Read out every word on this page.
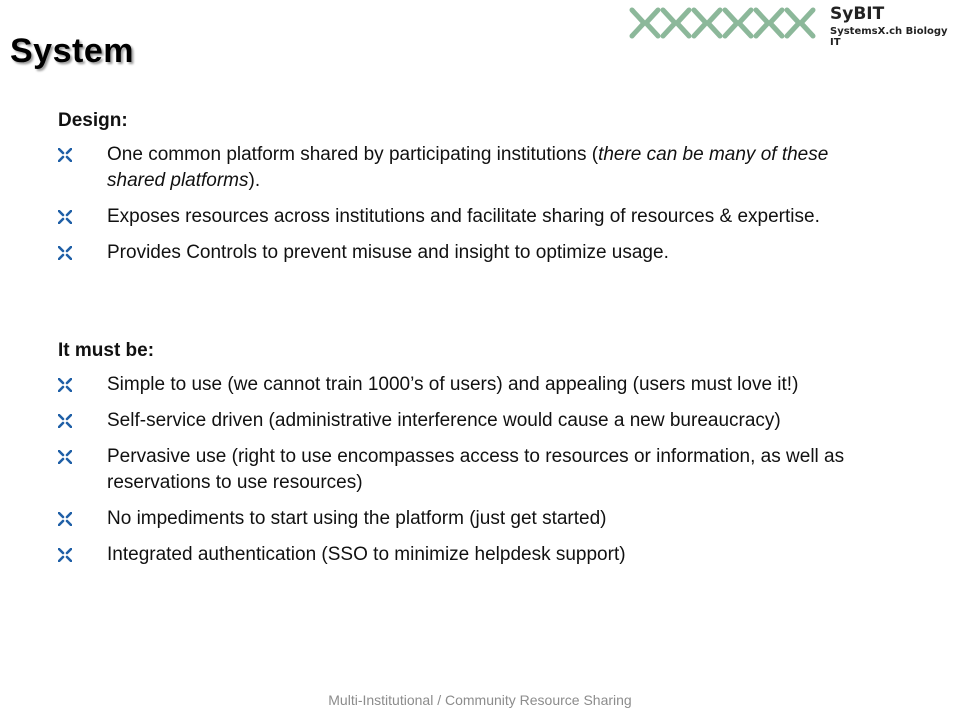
SyBIT
SystemsX.ch Biology IT
System
Design:
One common platform shared by participating institutions (there can be many of these shared platforms).
Exposes resources across institutions and facilitate sharing of resources & expertise.
Provides Controls to prevent misuse and insight to optimize usage.
It must be:
Simple to use (we cannot train 1000’s of users) and appealing (users must love it!)
Self-service driven (administrative interference would cause a new bureaucracy)
Pervasive use (right to use encompasses access to resources or information, as well as reservations to use resources)
No impediments to start using the platform (just get started)
Integrated authentication (SSO to minimize helpdesk support)
Multi-Institutional / Community Resource Sharing
